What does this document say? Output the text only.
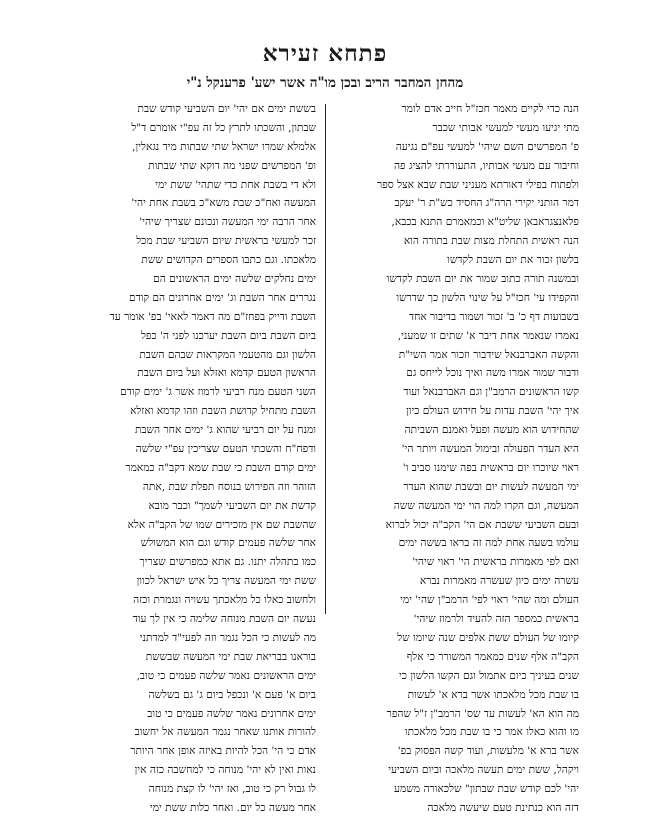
פתחא זעירא
מהחן המחבר הריב ובכן מו"ה אשר ישע' פרענקל נ"י
הנה כדי לקיים מאמר חכז"ל חייב אדם לומר
מתי יגיעו מעשי למעשי אבותי שכבר
פ' המפרשים השם שיהי' למעשי עפ"ם נגיעה
וחיבור עם מעשי אבותיו, התעוררתי להציג פה
ולפתוח בפילי דאורתא מעניני שבת שבא אצל ספר
דמר הותני יקירי הרה"ג החסיד כש"ת ר' יעקב
פלאנצגראבאן שליט"א וכמאמרם התנא בכבא,
הנה ראשית התחלת מצות שבת בתורה הוא
בלשון זכור את יום השבת לקדשו
ובמשנה תורה כתוב שמור את יום השבת לקדשו
והקפידו עי' חכז"ל על שינוי הלשון כך שדרשו
בשבועות דף כ' ב' זכור ושמור בדיבור אחד
נאמרו שנאמר אחת דיבר א' שתים זו שמעני,
והקשה האברבנאל שידבור וזכור אמר השי"ת
ודבור שמור אמרו משה ואיך נוכל לייחס גם
קשו הראשונים הרמב"ן וגם האברבנאל ועוד
איך יהי' השבת עדות על חידוש העולם כיון
שהחידוש הוא מעשה ופעל ואמנם השביתה
היא העדר הפעולה ובימול המעשה ויותר הי'
ראוי שיוכרו יום בראשית בפה שימנו סביב ו'
ימי המעשה לעשות יום ובשבת שהוא העדר
המעשה, וגם הקרו למה הוי ימי המעשה ששה
ובעם השביעי ששבת אם הי' הקב"ה יכול לברוא
עולמו בשעה אחת למה זה בראו בששה ימים
ואם לפי מאמרות בראשית הי' ראוי שיהי'
עשרה ימים כיון שעשרה מאמרות נברא
העולם ומה שהי' ראוי לפי' הרמב"ן שהי' ימי
בראשית כמספר הזה להעיד ולרמוז שיהי'
קיומו של העולם ששת אלפים שנה שיומו של
הקב"ה אלף שנים כמאמר המשורר כי אלף
שנים בעיניך כיום אתמול וגם הקשו הלשון כי
בו שבת מכל מלאכתו אשר ברא א' לעשות
מה הוא הא' לעשות עד שס' הרמב"ן ז"ל שהפר
מו והוא כאלו אמר כי בו שבת מכל מלאכתו
אשר ברא א' מלעשות, ועוד קשה הפסוק בפ'
ויקהל, ששת ימים תעשה מלאכה וביום השביעי
יהי' לכם קודש שבת שבתון" שלכאורה משמע
דזה הוא כנתינת טעם שיעשה מלאכה
בששת ימים אם יהי' יום השביעי קודש שבת
שבתון, והשכתו לתרץ כל זה עפ"י אומרם ד"ל
אלמלא שמרו ישראל שתי שבתות מיד נגאלין,
ופ' המפרשים שפני מה דוקא שתי שבתות
ולא די בשבת אחת כדי שתהי' ששת ימי
המעשה ואח"כ שבת משא"כ בשבת אחת יהי'
אחר הרבה ימי המעשה ונכונם שצריך שיהי'
זכר למעשי בראשית שיום השביעי שבת מכל
מלאכתו. וגם כתבו הספרים הקדושים ששת
ימים נחלקים שלשה ימים הראשונים הם
נגררים אחר השבת וג' ימים אחרונים הם קודם
השבת ודייק בפחז"ם מה דאמר לאאי' בפ' אומר עד
ביום השבת ביום השבת יערכנו לפני ה' כפל
הלשון וגם מהטעמי המקראות שבהם השבת
הראשון הטעם קדמא ואזלא ועל ביום השבת
השני הטעם מנח רביעי לרמוז אשר ג' ימים קודם
השבת מתחיל קדושת השבת וזהו קדמא ואזלא
ומנח על יום רביעי שהוא ג' ימים אחר השבת
ודפח"ח והשכתי הטעם שצריכין עפ"י שלשה
ימים קודם השבת כי שבת שמא דקב"ה כמאמר
הזוהר וזה הפירוש בנוסח תפלת שבת ,אתה
קדשת את יום השביעי לשמך" וכבר מובא
שהשבת שם אין מזכירים שמו של הקב"ה אלא
אחר שלשה פעמים קודש וגם הוא המשולש
כמו בתהלה יתנו. גם אתא כמפרשים שצריך
ששת ימי המעשה צריך כל איש ישראל לכוון
ולחשוב כאלו כל מלאכתך עשויה ונגמרת וכזה
נעשה יום השבת מנוחה שלימה כי אין לך עוד
מה לעשות כי הכל נגמר וזה לפעי"ד למדתני
בוראנו בבריאת שבת ימי המעשה שבששת
ימים הראשונים נאמר שלשה פעמים כי טוב,
ביום א' פעם א' ונכפל ביום ג' גם בשלשה
ימים אחרונים נאמר שלשה פעמים כי טוב
להורות אותנו שאחר נגמר המעשה אל יחשוב
אדם כי הי' הכל להיות באיזה אופן אחר היותר
נאות ואין לא יהי' מנוחה כי למחשבה כזה אין
לו גבול רק כי טוב, ואז יהי' לו קצת מנוחה
אחר מעשה כל יום. ואחר כלות ששת ימי
